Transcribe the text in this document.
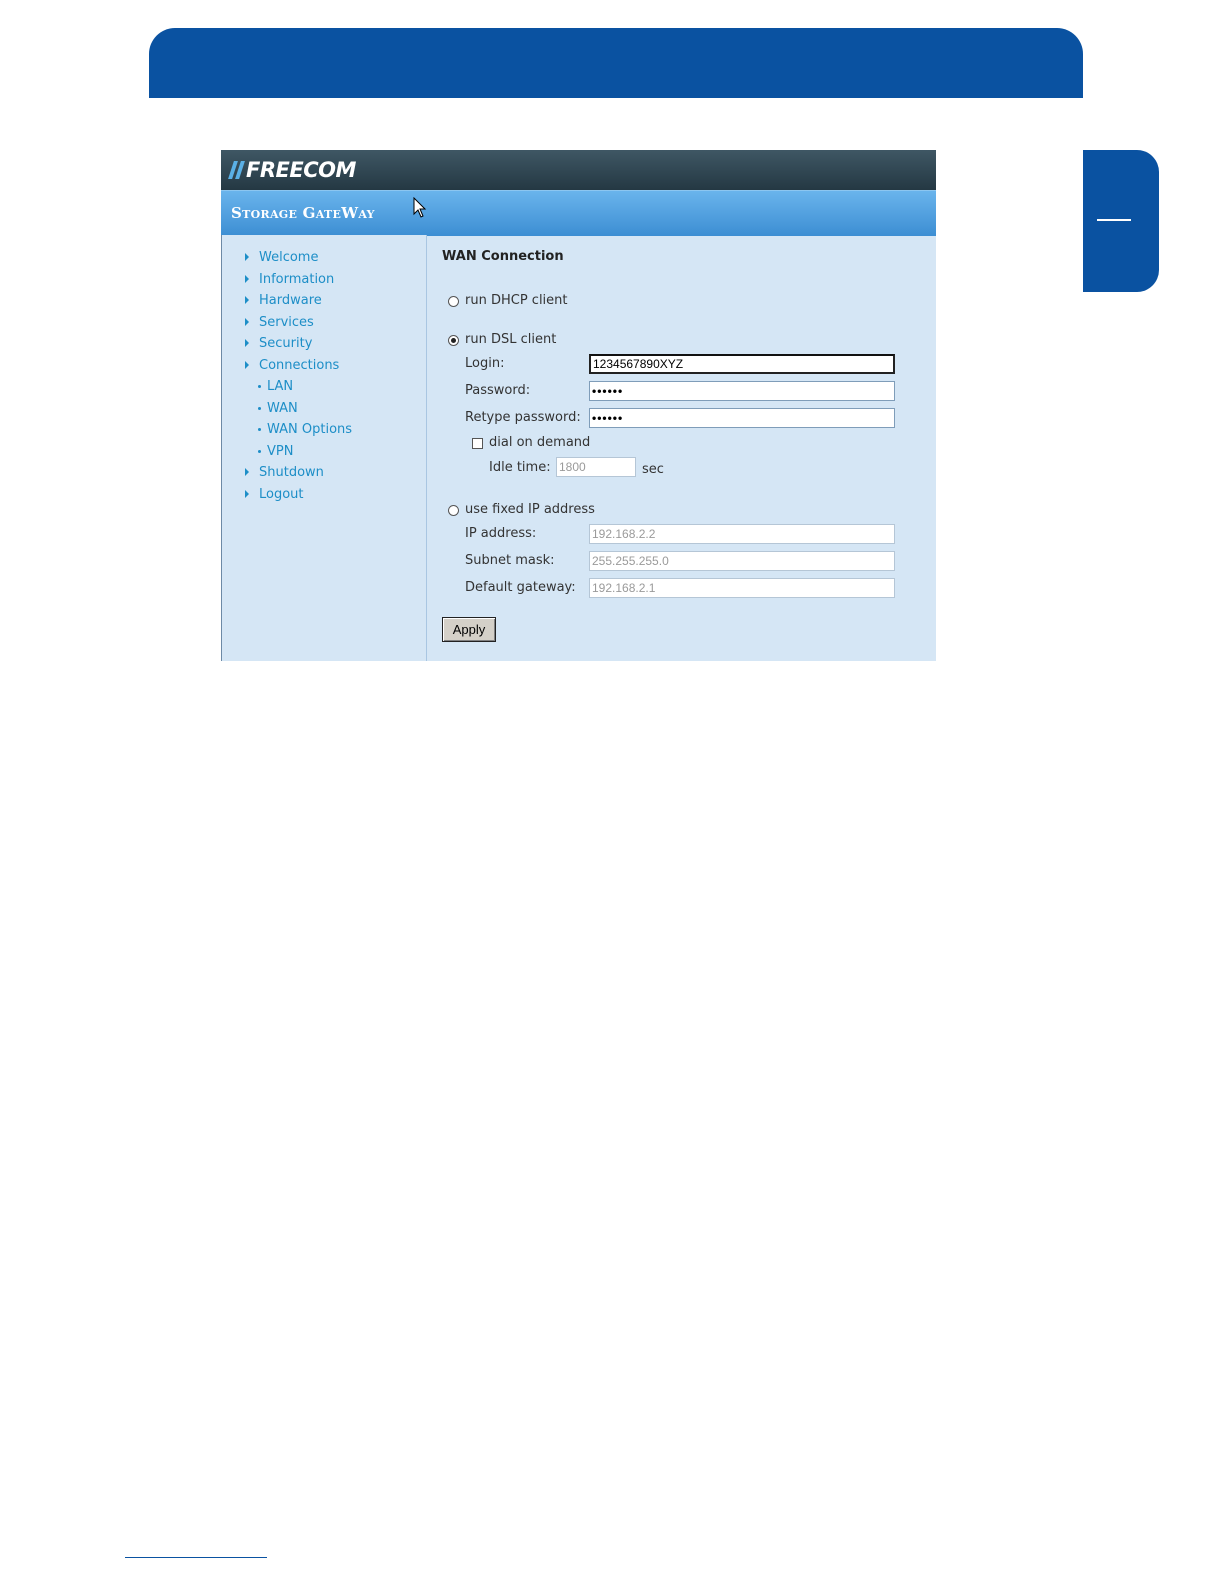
FREECOM
Storage GateWay
Welcome
Information
Hardware
Services
Security
Connections
LAN
WAN
WAN Options
VPN
Shutdown
Logout
WAN Connection
run DHCP client
run DSL client
Login:
1234567890XYZ
Password:
••••••
Retype password:
••••••
dial on demand
Idle time:
1800	sec
use fixed IP address
IP address:
192.168.2.2
Subnet mask:
255.255.255.0
Default gateway:
192.168.2.1
Apply
